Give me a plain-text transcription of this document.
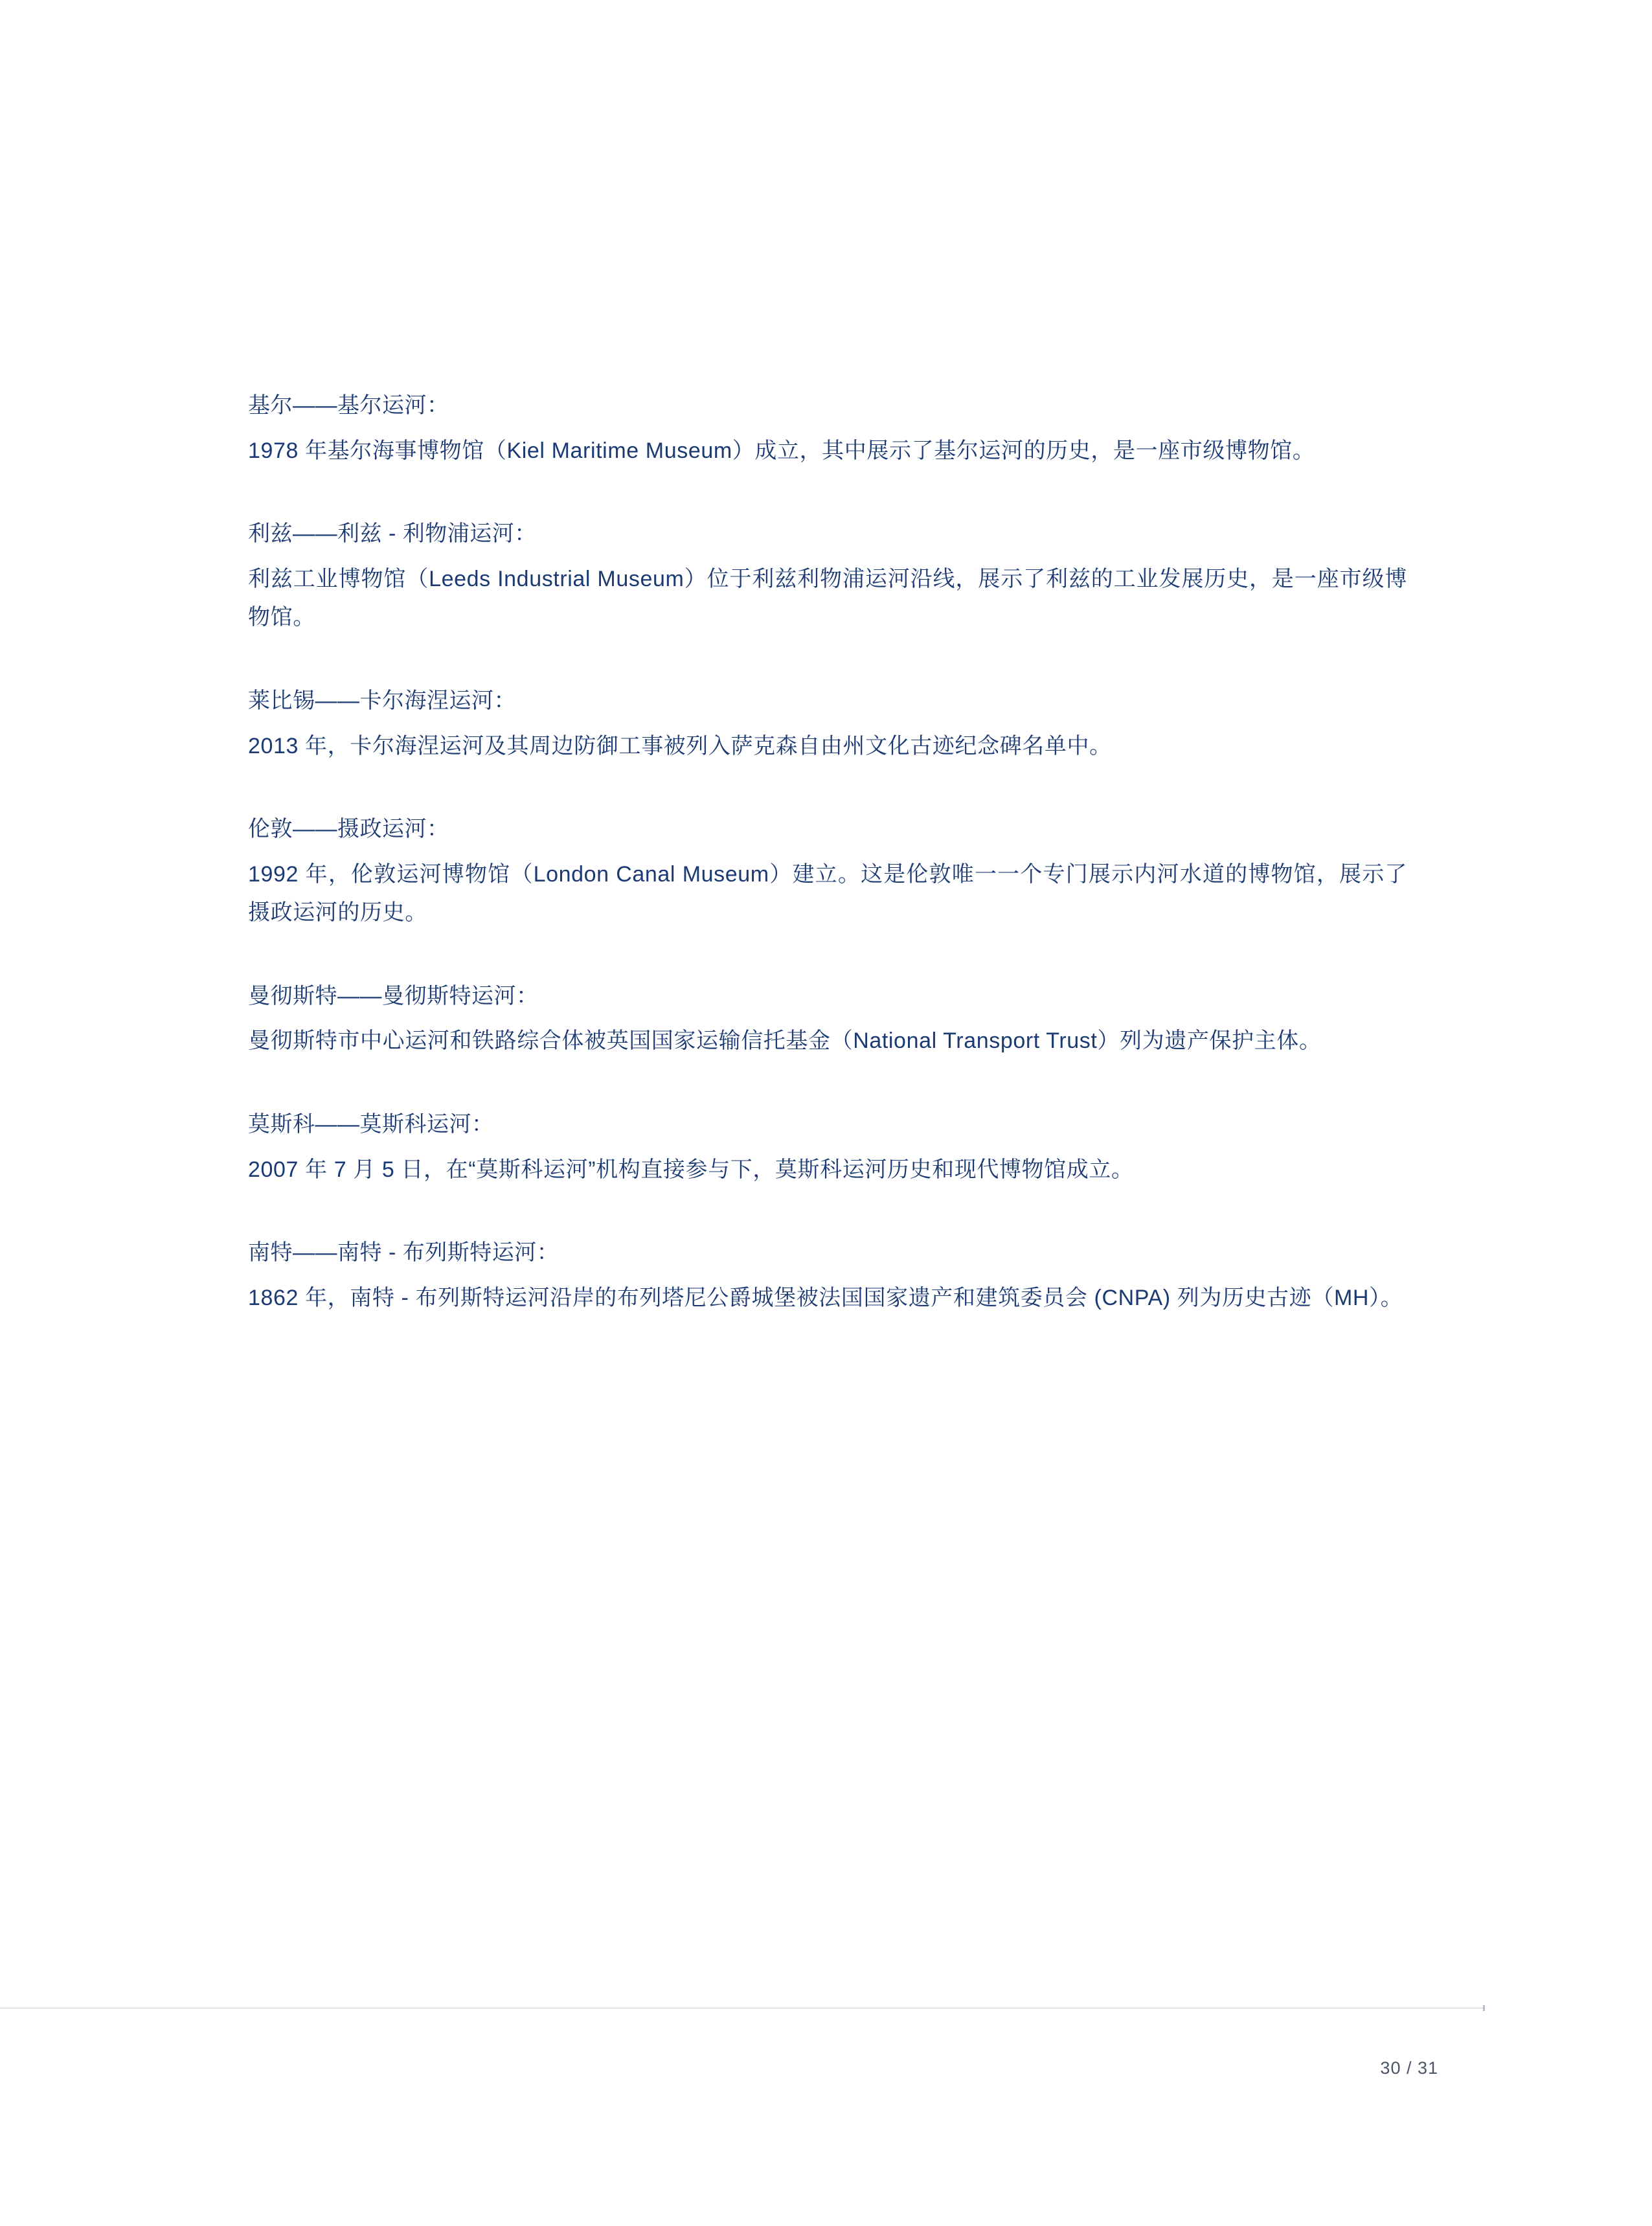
基尔——基尔运河：

1978 年基尔海事博物馆（Kiel Maritime Museum）成立，其中展示了基尔运河的历史，是一座市级博物馆。

利兹——利兹 - 利物浦运河：

利兹工业博物馆（Leeds Industrial Museum）位于利兹利物浦运河沿线，展示了利兹的工业发展历史，是一座市级博物馆。

莱比锡——卡尔海涅运河：

2013 年，卡尔海涅运河及其周边防御工事被列入萨克森自由州文化古迹纪念碑名单中。

伦敦——摄政运河：

1992 年，伦敦运河博物馆（London Canal Museum）建立。这是伦敦唯一一个专门展示内河水道的博物馆，展示了摄政运河的历史。

曼彻斯特——曼彻斯特运河：

曼彻斯特市中心运河和铁路综合体被英国国家运输信托基金（National Transport Trust）列为遗产保护主体。

莫斯科——莫斯科运河：

2007 年 7 月 5 日，在“莫斯科运河”机构直接参与下，莫斯科运河历史和现代博物馆成立。

南特——南特 - 布列斯特运河：

1862 年，南特 - 布列斯特运河沿岸的布列塔尼公爵城堡被法国国家遗产和建筑委员会 (CNPA) 列为历史古迹（MH）。

30 / 31
